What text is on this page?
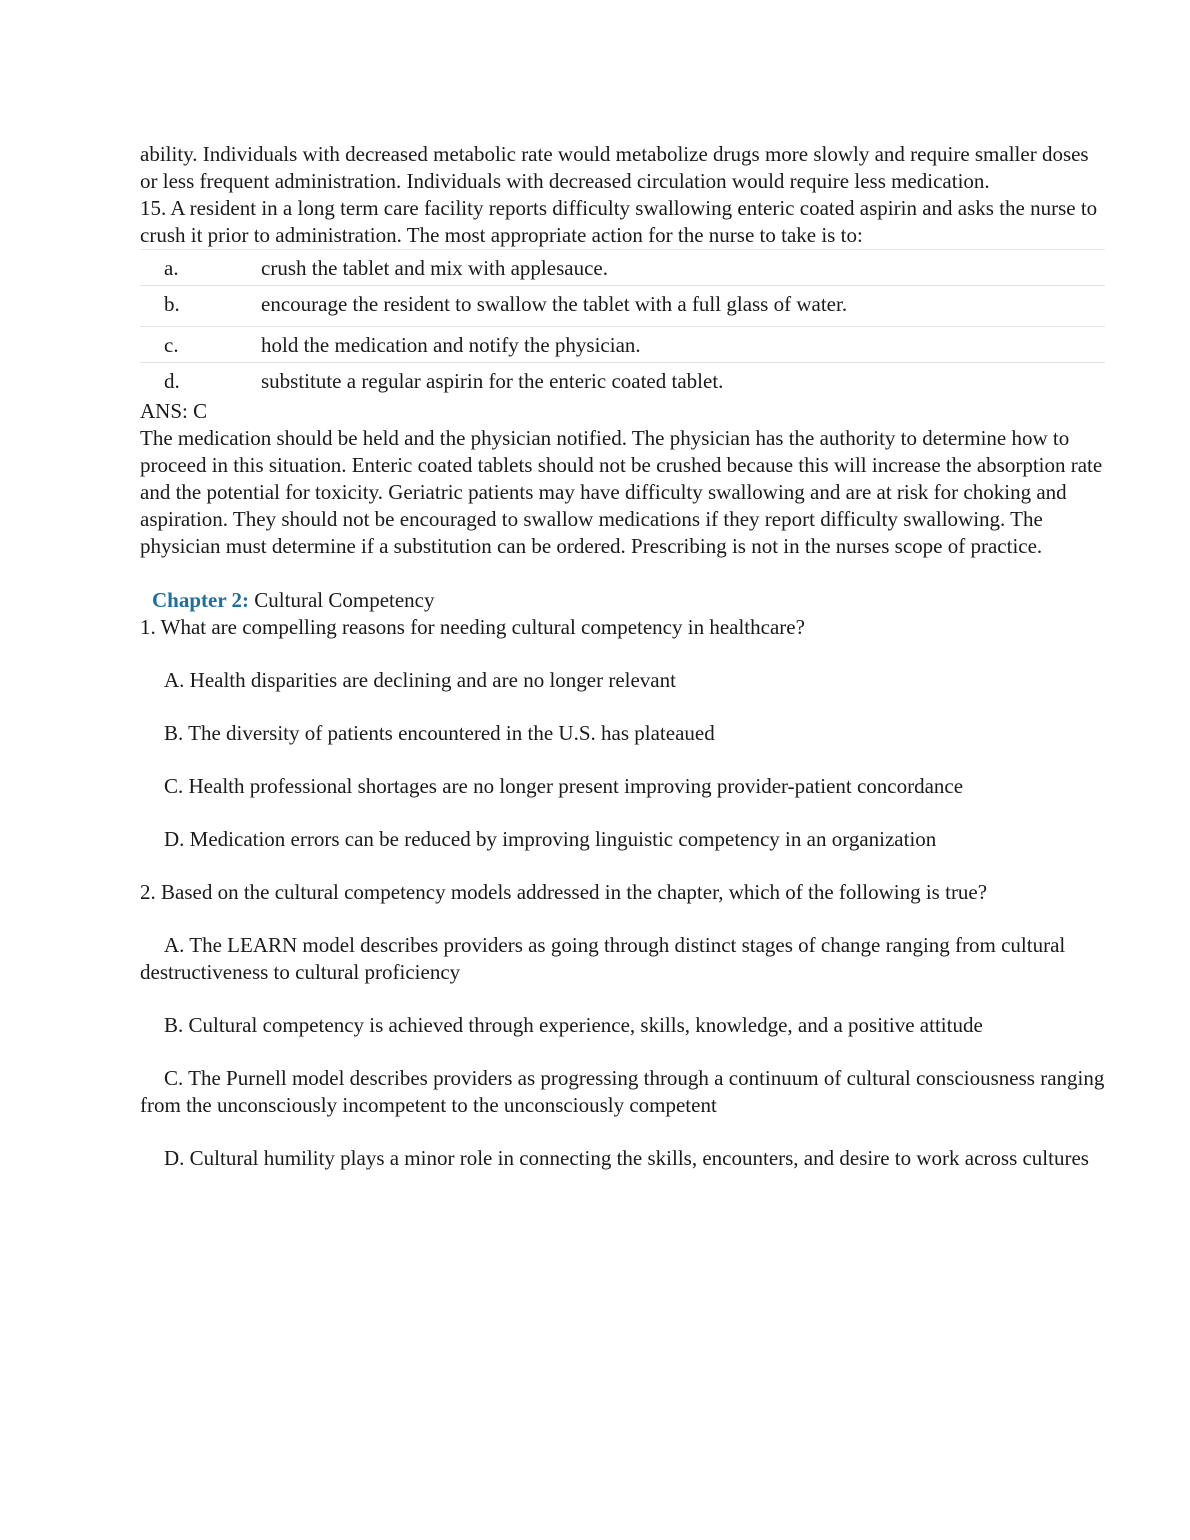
ability. Individuals with decreased metabolic rate would metabolize drugs more slowly and require smaller doses or less frequent administration. Individuals with decreased circulation would require less medication.

15. A resident in a long term care facility reports difficulty swallowing enteric coated aspirin and asks the nurse to crush it prior to administration. The most appropriate action for the nurse to take is to:

a.	crush the tablet and mix with applesauce.
b.	encourage the resident to swallow the tablet with a full glass of water.
c.	hold the medication and notify the physician.
d.	substitute a regular aspirin for the enteric coated tablet.

ANS: C

The medication should be held and the physician notified. The physician has the authority to determine how to proceed in this situation. Enteric coated tablets should not be crushed because this will increase the absorption rate and the potential for toxicity. Geriatric patients may have difficulty swallowing and are at risk for choking and aspiration. They should not be encouraged to swallow medications if they report difficulty swallowing. The physician must determine if a substitution can be ordered. Prescribing is not in the nurses scope of practice.

Chapter 2: Cultural Competency

1. What are compelling reasons for needing cultural competency in healthcare?

A. Health disparities are declining and are no longer relevant

B. The diversity of patients encountered in the U.S. has plateaued

C. Health professional shortages are no longer present improving provider-patient concordance

D. Medication errors can be reduced by improving linguistic competency in an organization

2. Based on the cultural competency models addressed in the chapter, which of the following is true?

A. The LEARN model describes providers as going through distinct stages of change ranging from cultural destructiveness to cultural proficiency

B. Cultural competency is achieved through experience, skills, knowledge, and a positive attitude

C. The Purnell model describes providers as progressing through a continuum of cultural consciousness ranging from the unconsciously incompetent to the unconsciously competent

D. Cultural humility plays a minor role in connecting the skills, encounters, and desire to work across cultures
